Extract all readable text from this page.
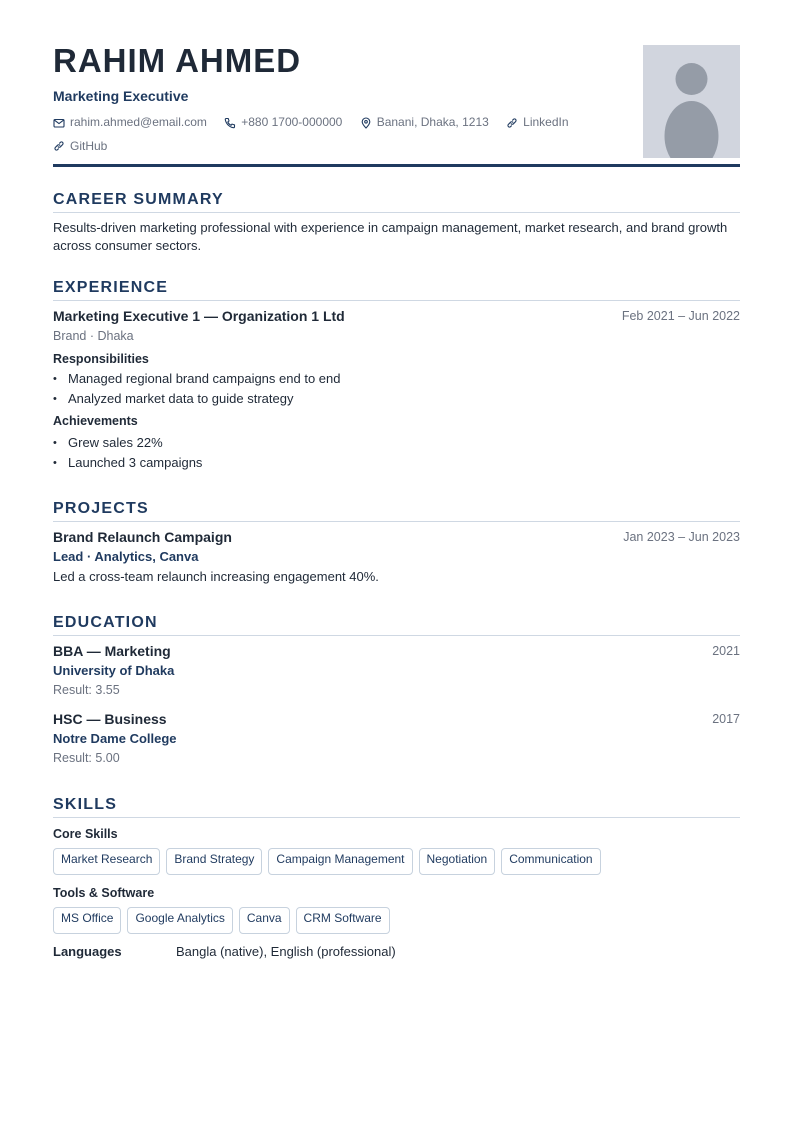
RAHIM AHMED
Marketing Executive
rahim.ahmed@email.com
	+880 1700-000000
	Banani, Dhaka, 1213
	LinkedIn

GitHub
CAREER SUMMARY
Results-driven marketing professional with experience in campaign management, market research, and brand growth across consumer sectors.
EXPERIENCE
Marketing Executive 1 — Organization 1 Ltd	Feb 2021 – Jun 2022
Brand · Dhaka
Responsibilities
• Managed regional brand campaigns end to end
• Analyzed market data to guide strategy
Achievements
• Grew sales 22%
• Launched 3 campaigns
PROJECTS
Brand Relaunch Campaign	Jan 2023 – Jun 2023
Lead · Analytics, Canva
Led a cross-team relaunch increasing engagement 40%.
EDUCATION
BBA — Marketing	2021
University of Dhaka
Result: 3.55
HSC — Business	2017
Notre Dame College
Result: 5.00
SKILLS
Core Skills
Market Research	Brand Strategy	Campaign Management	Negotiation	Communication
Tools & Software
MS Office	Google Analytics	Canva	CRM Software
Languages	Bangla (native), English (professional)
